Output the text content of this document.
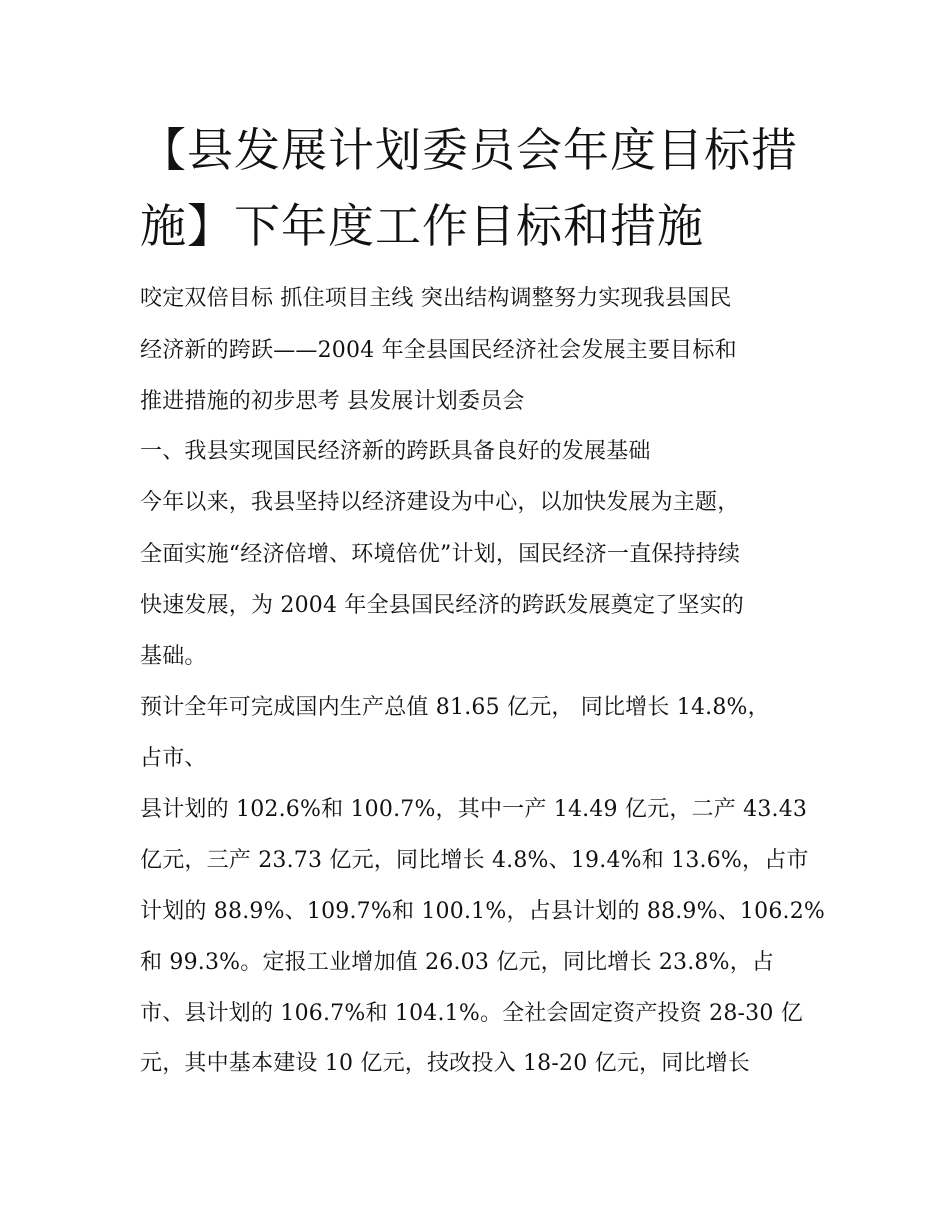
【县发展计划委员会年度目标措施】下年度工作目标和措施

咬定双倍目标 抓住项目主线 突出结构调整努力实现我县国民

经济新的跨跃——2004 年全县国民经济社会发展主要目标和

推进措施的初步思考 县发展计划委员会

一、我县实现国民经济新的跨跃具备良好的发展基础

今年以来，我县坚持以经济建设为中心，以加快发展为主题，

全面实施“经济倍增、环境倍优”计划，国民经济一直保持持续

快速发展，为 2004 年全县国民经济的跨跃发展奠定了坚实的

基础。

预计全年可完成国内生产总值 81.65 亿元， 同比增长 14.8%，

占市、

县计划的 102.6%和 100.7%，其中一产 14.49 亿元，二产 43.43

亿元，三产 23.73 亿元，同比增长 4.8%、19.4%和 13.6%，占市

计划的 88.9%、109.7%和 100.1%，占县计划的 88.9%、106.2%

和 99.3%。定报工业增加值 26.03 亿元，同比增长 23.8%，占

市、县计划的 106.7%和 104.1%。全社会固定资产投资 28-30 亿

元，其中基本建设 10 亿元，技改投入 18-20 亿元，同比增长
